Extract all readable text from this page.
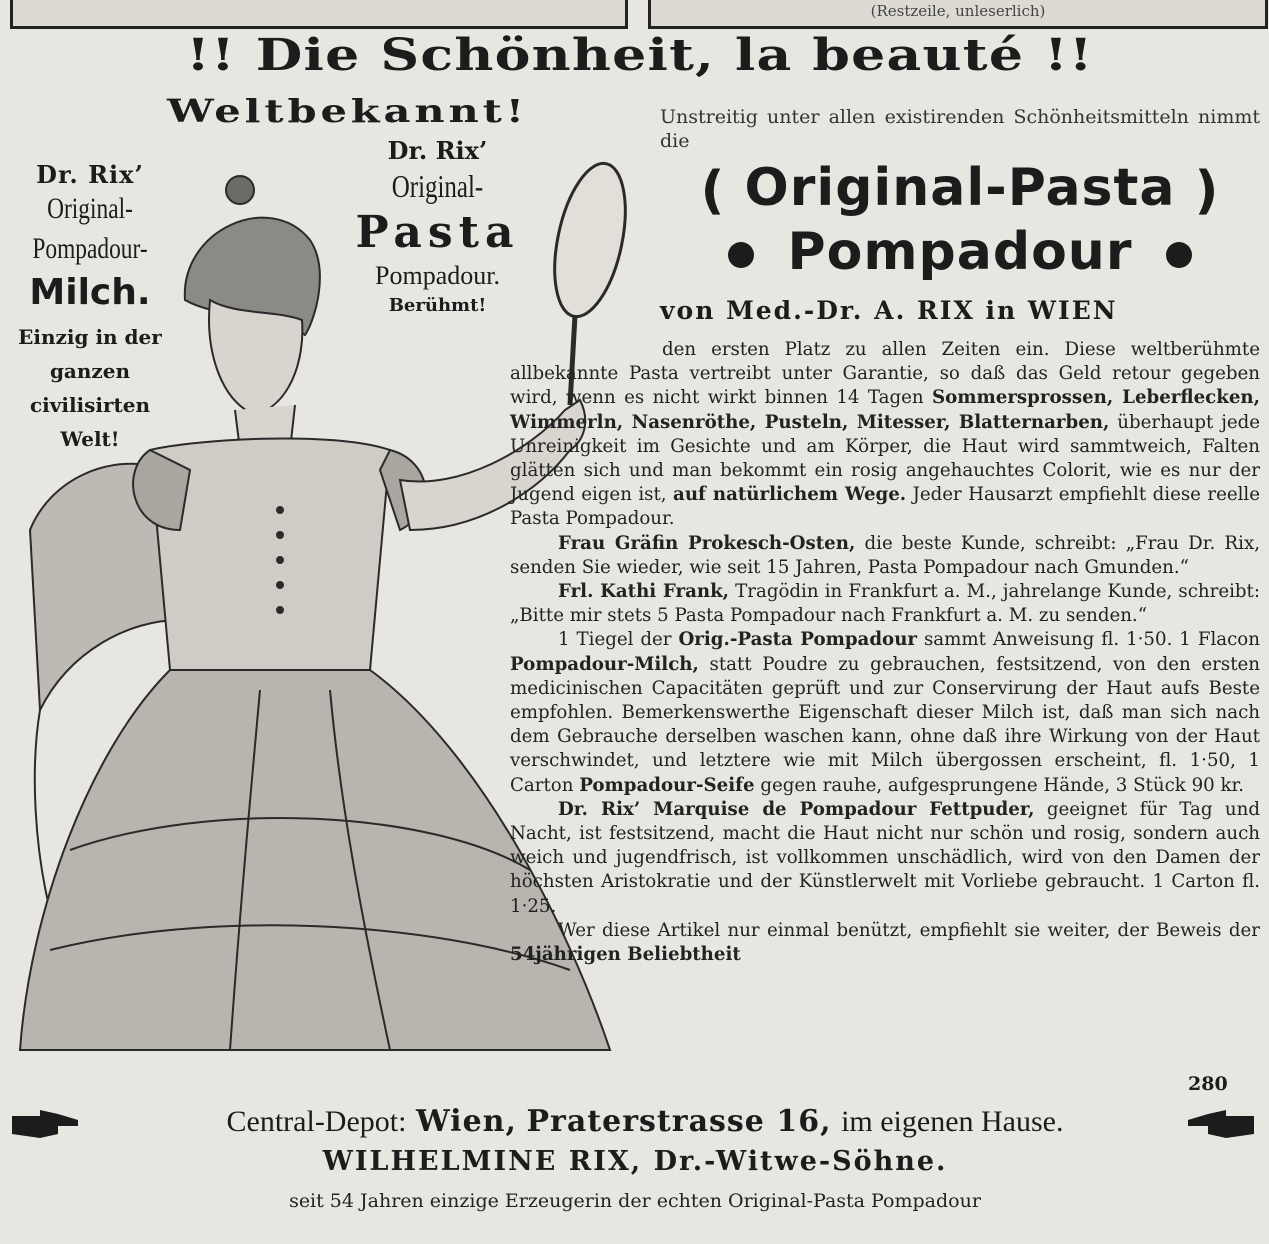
(Restzeile, unleserlich)
!! Die Schönheit, la beauté !!
Weltbekannt!
Dr. Rix’
Original-
Pompadour-
Milch.
Einzig in der
ganzen
civilisirten
Welt!
Dr. Rix’
Original-
Pasta
Pompadour.
Berühmt!
Unstreitig unter allen existirenden Schönheitsmitteln nimmt die
( Original-Pasta )
Pompadour
von Med.-Dr. A. RIX in WIEN

den ersten Platz zu allen Zeiten ein. Diese weltberühmte allbekannte Pasta vertreibt unter Garantie, so daß das Geld retour gegeben wird, wenn es nicht wirkt binnen 14 Tagen Sommersprossen, Leberflecken, Wimmerln, Nasenröthe, Pusteln, Mitesser, Blatternarben, überhaupt jede Unreinigkeit im Gesichte und am Körper, die Haut wird sammtweich, Falten glätten sich und man bekommt ein rosig angehauchtes Colorit, wie es nur der Jugend eigen ist, auf natürlichem Wege. Jeder Hausarzt empfiehlt diese reelle Pasta Pompadour.

Frau Gräfin Prokesch-Osten, die beste Kunde, schreibt: „Frau Dr. Rix, senden Sie wieder, wie seit 15 Jahren, Pasta Pompadour nach Gmunden.“

Frl. Kathi Frank, Tragödin in Frankfurt a. M., jahrelange Kunde, schreibt: „Bitte mir stets 5 Pasta Pompadour nach Frankfurt a. M. zu senden.“

1 Tiegel der Orig.-Pasta Pompadour sammt Anweisung fl. 1·50. 1 Flacon Pompadour-Milch, statt Poudre zu gebrauchen, festsitzend, von den ersten medicinischen Capacitäten geprüft und zur Conservirung der Haut aufs Beste empfohlen. Bemerkenswerthe Eigenschaft dieser Milch ist, daß man sich nach dem Gebrauche derselben waschen kann, ohne daß ihre Wirkung von der Haut verschwindet, und letztere wie mit Milch übergossen erscheint, fl. 1·50, 1 Carton Pompadour-Seife gegen rauhe, aufgesprungene Hände, 3 Stück 90 kr.

Dr. Rix’ Marquise de Pompadour Fettpuder, geeignet für Tag und Nacht, ist festsitzend, macht die Haut nicht nur schön und rosig, sondern auch weich und jugendfrisch, ist vollkommen unschädlich, wird von den Damen der höchsten Aristokratie und der Künstlerwelt mit Vorliebe gebraucht. 1 Carton fl. 1·25.

Wer diese Artikel nur einmal benützt, empfiehlt sie weiter, der Beweis der 54jährigen Beliebtheit

280
Central-Depot: Wien, Praterstrasse 16, im eigenen Hause.
WILHELMINE RIX, Dr.-Witwe-Söhne.
seit 54 Jahren einzige Erzeugerin der echten Original-Pasta Pompadour
